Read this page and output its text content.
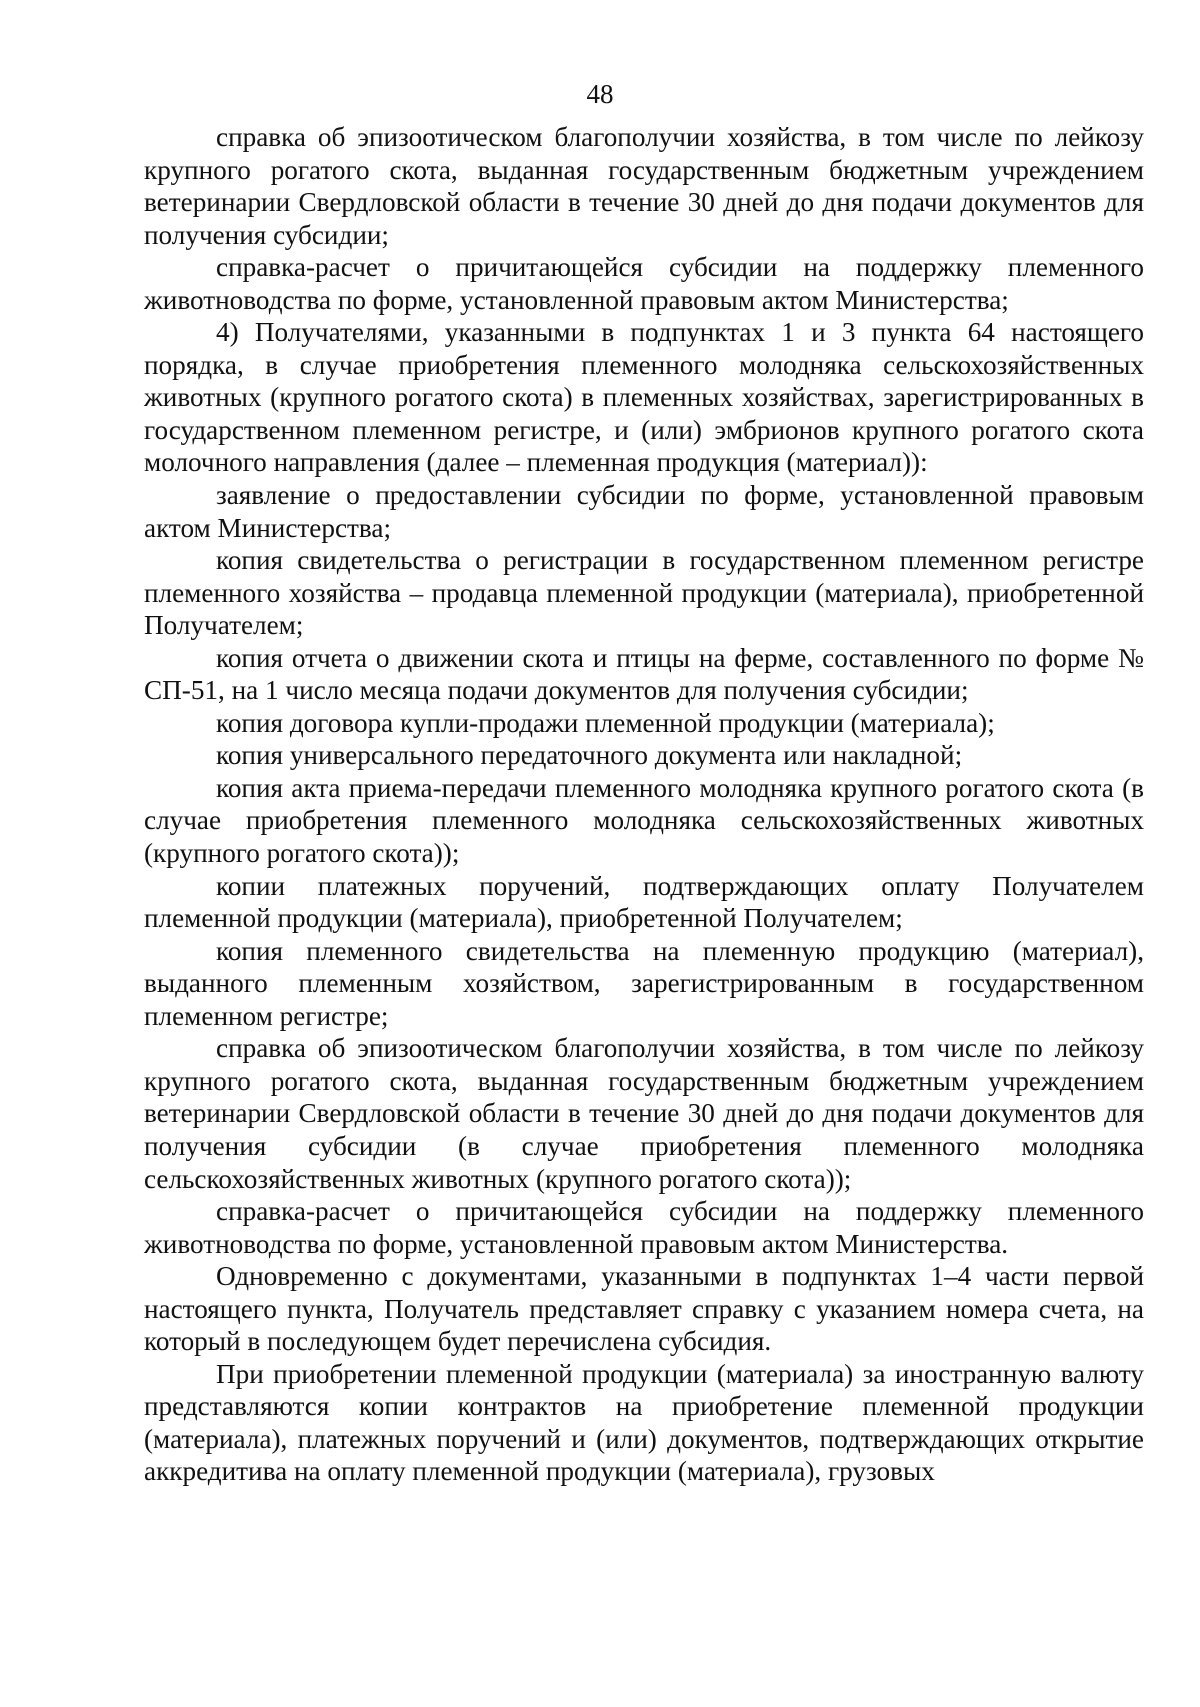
48

справка об эпизоотическом благополучии хозяйства, в том числе по лейкозу крупного рогатого скота, выданная государственным бюджетным учреждением ветеринарии Свердловской области в течение 30 дней до дня подачи документов для получения субсидии;

справка-расчет о причитающейся субсидии на поддержку племенного животноводства по форме, установленной правовым актом Министерства;

4) Получателями, указанными в подпунктах 1 и 3 пункта 64 настоящего порядка, в случае приобретения племенного молодняка сельскохозяйственных животных (крупного рогатого скота) в племенных хозяйствах, зарегистрированных в государственном племенном регистре, и (или) эмбрионов крупного рогатого скота молочного направления (далее – племенная продукция (материал)):

заявление о предоставлении субсидии по форме, установленной правовым актом Министерства;

копия свидетельства о регистрации в государственном племенном регистре племенного хозяйства – продавца племенной продукции (материала), приобретенной Получателем;

копия отчета о движении скота и птицы на ферме, составленного по форме № СП-51, на 1 число месяца подачи документов для получения субсидии;

копия договора купли-продажи племенной продукции (материала);

копия универсального передаточного документа или накладной;

копия акта приема-передачи племенного молодняка крупного рогатого скота (в случае приобретения племенного молодняка сельскохозяйственных животных (крупного рогатого скота));

копии платежных поручений, подтверждающих оплату Получателем племенной продукции (материала), приобретенной Получателем;

копия племенного свидетельства на племенную продукцию (материал), выданного племенным хозяйством, зарегистрированным в государственном племенном регистре;

справка об эпизоотическом благополучии хозяйства, в том числе по лейкозу крупного рогатого скота, выданная государственным бюджетным учреждением ветеринарии Свердловской области в течение 30 дней до дня подачи документов для получения субсидии (в случае приобретения племенного молодняка сельскохозяйственных животных (крупного рогатого скота));

справка-расчет о причитающейся субсидии на поддержку племенного животноводства по форме, установленной правовым актом Министерства.

Одновременно с документами, указанными в подпунктах 1–4 части первой настоящего пункта, Получатель представляет справку с указанием номера счета, на который в последующем будет перечислена субсидия.

При приобретении племенной продукции (материала) за иностранную валюту представляются копии контрактов на приобретение племенной продукции (материала), платежных поручений и (или) документов, подтверждающих открытие аккредитива на оплату племенной продукции (материала), грузовых
